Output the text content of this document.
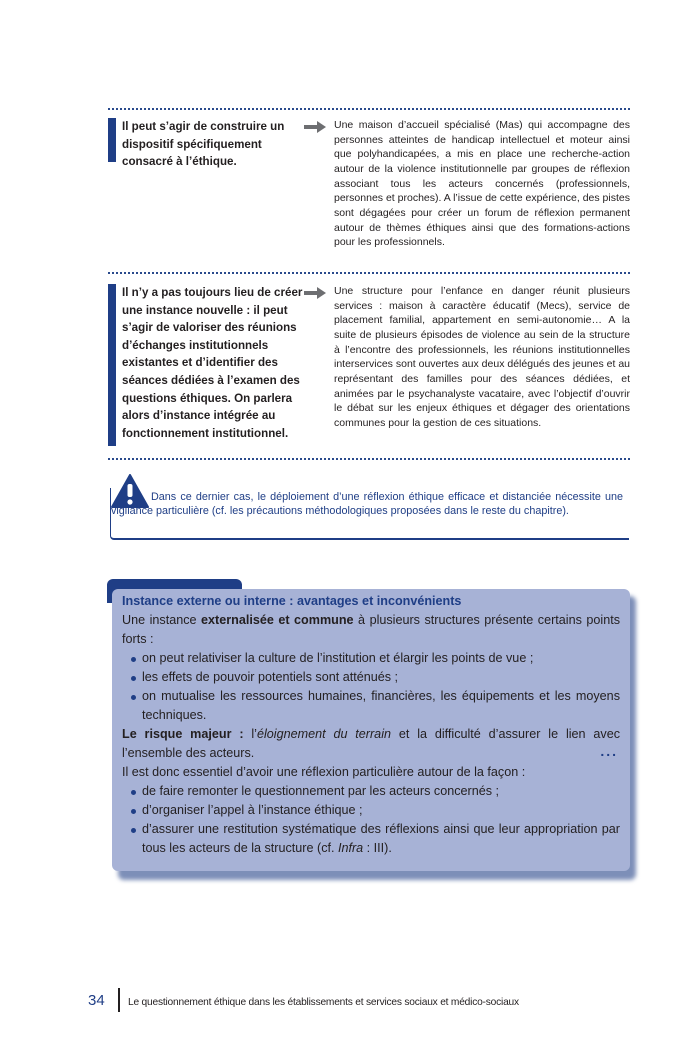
Il peut s’agir de construire un dispositif spécifiquement consacré à l’éthique.
Une maison d’accueil spécialisé (Mas) qui accompagne des personnes atteintes de handicap intellectuel et moteur ainsi que polyhandicapées, a mis en place une recherche-action autour de la violence institutionnelle par groupes de réflexion associant tous les acteurs concernés (professionnels, personnes et proches). A l’issue de cette expérience, des pistes sont dégagées pour créer un forum de réflexion permanent autour de thèmes éthiques ainsi que des formations-actions pour les professionnels.
Il n’y a pas toujours lieu de créer une instance nouvelle : il peut s’agir de valoriser des réunions d’échanges institutionnels existantes et d’identifier des séances dédiées à l’examen des questions éthiques. On parlera alors d’instance intégrée au fonctionnement institutionnel.
Une structure pour l’enfance en danger réunit plusieurs services : maison à caractère éducatif (Mecs), service de placement familial, appartement en semi-autonomie… A la suite de plusieurs épisodes de violence au sein de la structure à l’encontre des professionnels, les réunions institutionnelles interservices sont ouvertes aux deux délégués des jeunes et au représentant des familles pour des séances dédiées, et animées par le psychanalyste vacataire, avec l’objectif d’ouvrir le débat sur les enjeux éthiques et dégager des orientations communes pour la gestion de ces situations.
Dans ce dernier cas, le déploiement d’une réflexion éthique efficace et distanciée nécessite une vigilance particulière (cf. les précautions méthodologiques proposées dans le reste du chapitre).
Instance externe ou interne : avantages et inconvénients

Une instance externalisée et commune à plusieurs structures présente certains points forts :

on peut relativiser la culture de l’institution et élargir les points de vue ;
les effets de pouvoir potentiels sont atténués ;
on mutualise les ressources humaines, financières, les équipements et les moyens techniques.

Le risque majeur : l’éloignement du terrain et la difficulté d’assurer le lien avec l’ensemble des acteurs.	...

Il est donc essentiel d’avoir une réflexion particulière autour de la façon :

de faire remonter le questionnement par les acteurs concernés ;
d’organiser l’appel à l’instance éthique ;
d’assurer une restitution systématique des réflexions ainsi que leur appropriation par tous les acteurs de la structure (cf. Infra : III).
34 Le questionnement éthique dans les établissements et services sociaux et médico-sociaux
